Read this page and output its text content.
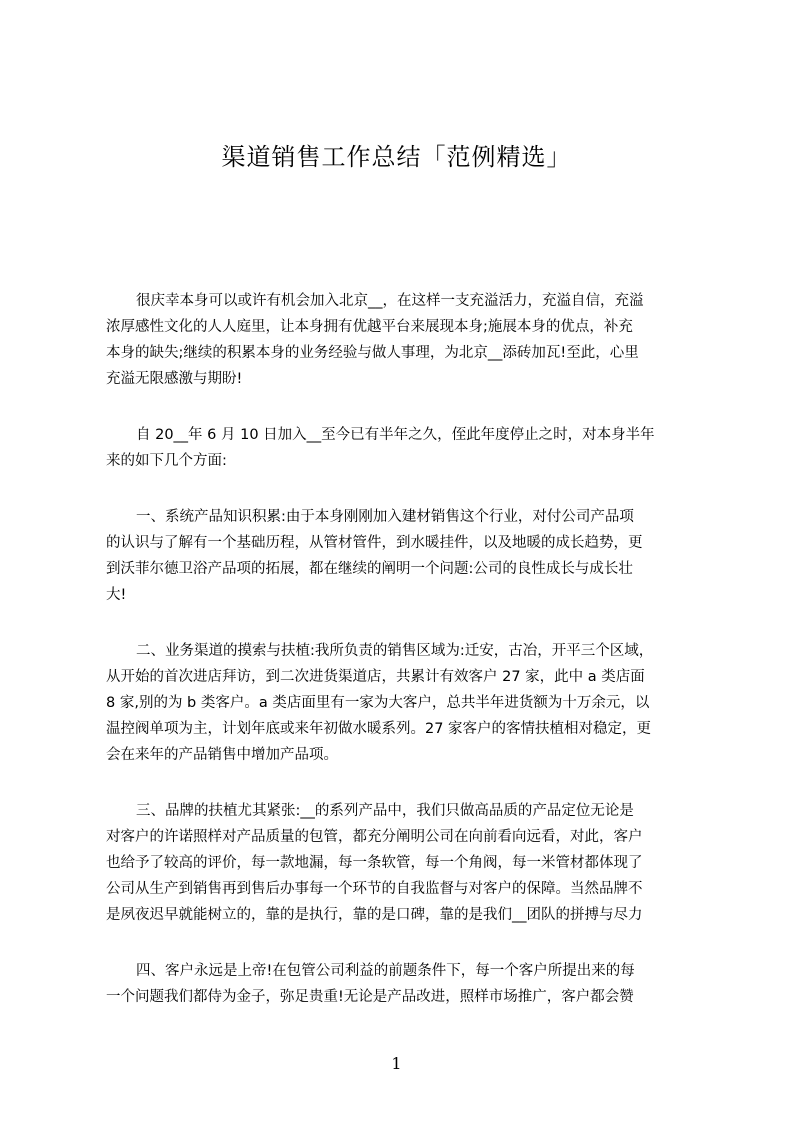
渠道销售工作总结「范例精选」
很庆幸本身可以或许有机会加入北京__，在这样一支充溢活力，充溢自信，充溢
浓厚感性文化的人人庭里，让本身拥有优越平台来展现本身;施展本身的优点，补充
本身的缺失;继续的积累本身的业务经验与做人事理，为北京__添砖加瓦!至此，心里
充溢无限感激与期盼!
自 20__年 6 月 10 日加入__至今已有半年之久，侄此年度停止之时，对本身半年
来的如下几个方面:
一、系统产品知识积累:由于本身刚刚加入建材销售这个行业，对付公司产品项
的认识与了解有一个基础历程，从管材管件，到水暖挂件，以及地暖的成长趋势，更
到沃菲尔德卫浴产品项的拓展，都在继续的阐明一个问题:公司的良性成长与成长壮
大!
二、业务渠道的摸索与扶植:我所负责的销售区域为:迁安，古冶，开平三个区域，
从开始的首次进店拜访，到二次进货渠道店，共累计有效客户 27 家，此中 a 类店面
8 家,别的为 b 类客户。a 类店面里有一家为大客户，总共半年进货额为十万余元，以
温控阀单项为主，计划年底或来年初做水暖系列。27 家客户的客情扶植相对稳定，更
会在来年的产品销售中增加产品项。
三、品牌的扶植尤其紧张:__的系列产品中，我们只做高品质的产品定位无论是
对客户的许诺照样对产品质量的包管，都充分阐明公司在向前看向远看，对此，客户
也给予了较高的评价，每一款地漏，每一条软管，每一个角阀，每一米管材都体现了
公司从生产到销售再到售后办事每一个环节的自我监督与对客户的保障。当然品牌不
是夙夜迟早就能树立的，靠的是执行，靠的是口碑，靠的是我们__团队的拼搏与尽力
四、客户永远是上帝!在包管公司利益的前题条件下，每一个客户所提出来的每
一个问题我们都侍为金子，弥足贵重!无论是产品改进，照样市场推广，客户都会赞
1
